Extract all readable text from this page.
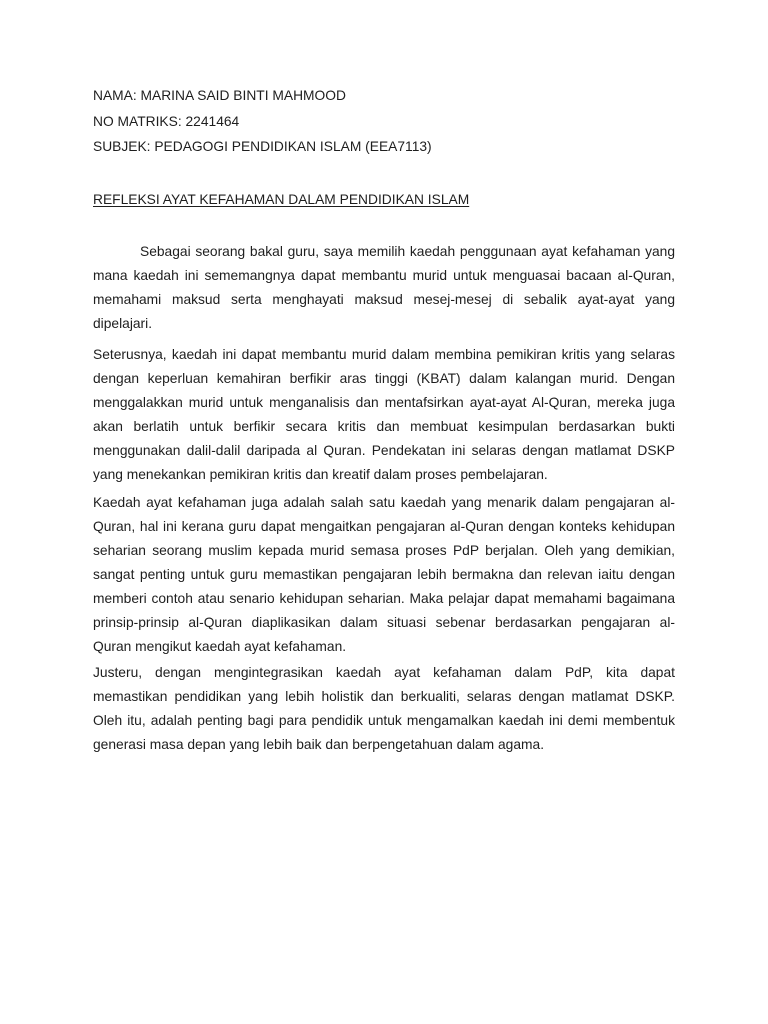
NAMA: MARINA SAID BINTI MAHMOOD
NO MATRIKS: 2241464
SUBJEK: PEDAGOGI PENDIDIKAN ISLAM (EEA7113)
REFLEKSI AYAT KEFAHAMAN DALAM PENDIDIKAN ISLAM
Sebagai seorang bakal guru, saya memilih kaedah penggunaan ayat kefahaman yang
mana kaedah ini sememangnya dapat membantu murid untuk menguasai bacaan al-Quran,
memahami maksud serta menghayati maksud mesej-mesej di sebalik ayat-ayat yang
dipelajari.
Seterusnya, kaedah ini dapat membantu murid dalam membina pemikiran kritis yang selaras
dengan keperluan kemahiran berfikir aras tinggi (KBAT) dalam kalangan murid. Dengan
menggalakkan murid untuk menganalisis dan mentafsirkan ayat-ayat Al-Quran, mereka juga
akan berlatih untuk berfikir secara kritis dan membuat kesimpulan berdasarkan bukti
menggunakan dalil-dalil daripada al Quran. Pendekatan ini selaras dengan matlamat DSKP
yang menekankan pemikiran kritis dan kreatif dalam proses pembelajaran.
Kaedah ayat kefahaman juga adalah salah satu kaedah yang menarik dalam pengajaran al-
Quran, hal ini kerana guru dapat mengaitkan pengajaran al-Quran dengan konteks kehidupan
seharian seorang muslim kepada murid semasa proses PdP berjalan. Oleh yang demikian,
sangat penting untuk guru memastikan pengajaran lebih bermakna dan relevan iaitu dengan
memberi contoh atau senario kehidupan seharian. Maka pelajar dapat memahami bagaimana
prinsip-prinsip al-Quran diaplikasikan dalam situasi sebenar berdasarkan pengajaran al-
Quran mengikut kaedah ayat kefahaman.
Justeru, dengan mengintegrasikan kaedah ayat kefahaman dalam PdP, kita dapat
memastikan pendidikan yang lebih holistik dan berkualiti, selaras dengan matlamat DSKP.
Oleh itu, adalah penting bagi para pendidik untuk mengamalkan kaedah ini demi membentuk
generasi masa depan yang lebih baik dan berpengetahuan dalam agama.
